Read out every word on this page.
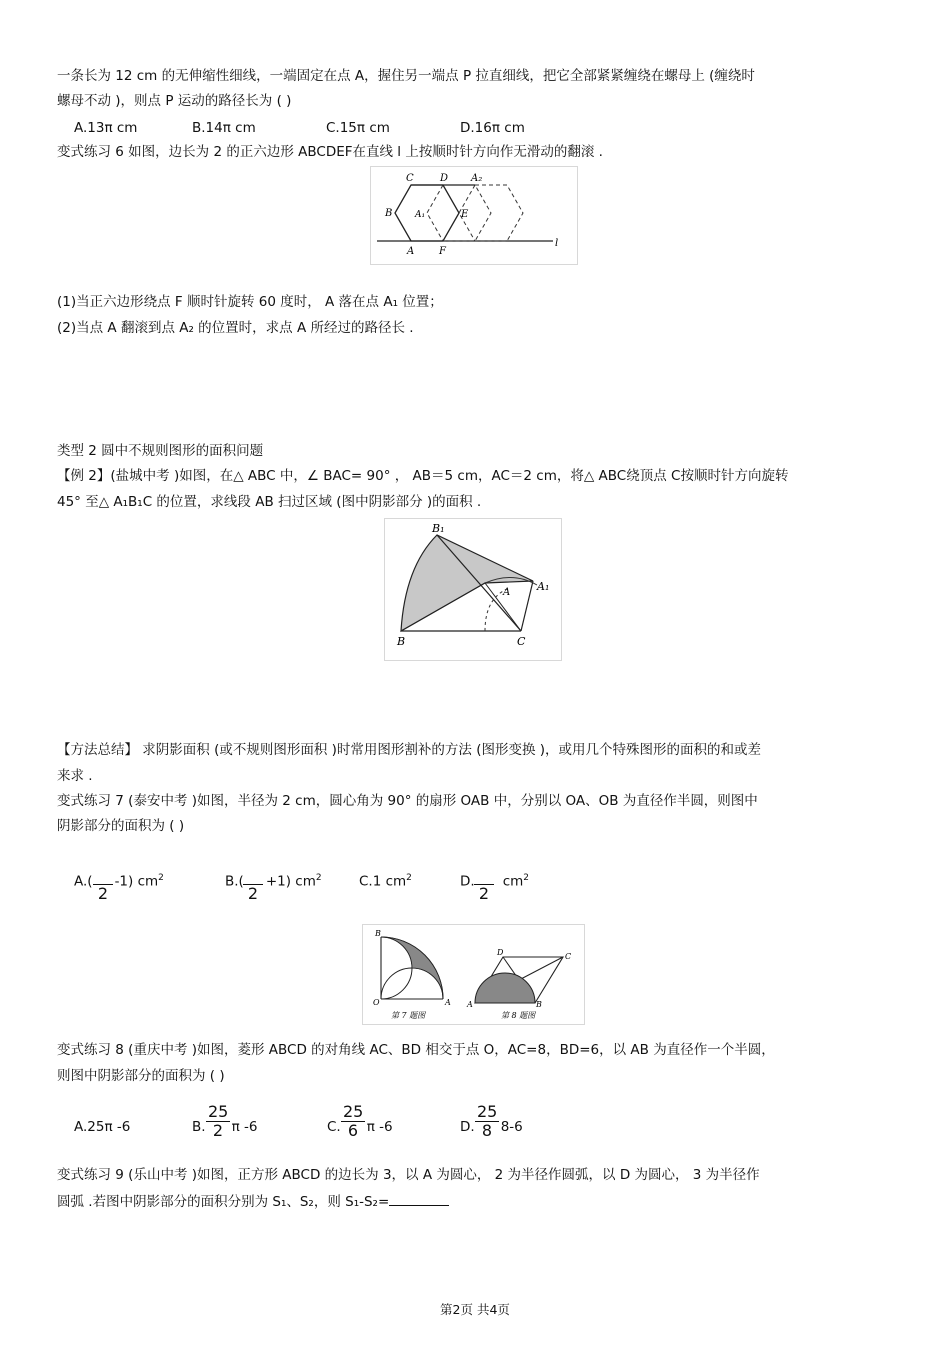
一条长为 12 cm 的无伸缩性细线，一端固定在点 A，握住另一端点 P 拉直细线，把它全部紧紧缠绕在螺母上 (缠绕时
螺母不动 )，则点 P 运动的路径长为 ( )
A.13π cm	B.14π cm	C.15π cm	D.16π cm
变式练习 6 如图，边长为 2 的正六边形 ABCDEF在直线 l 上按顺时针方向作无滑动的翻滚 .
C	D A₂
B	A₁	E
A F
l
(1)当正六边形绕点 F 顺时针旋转 60 度时， A 落在点 A₁ 位置；
(2)当点 A 翻滚到点 A₂ 的位置时，求点 A 所经过的路径长 .
类型 2 圆中不规则图形的面积问题
【例 2】(盐城中考 )如图，在△ ABC 中，∠ BAC= 90° ， AB＝5 cm，AC＝2 cm，将△ ABC绕顶点 C按顺时针方向旋转
45° 至△ A₁B₁C 的位置，求线段 AB 扫过区域 (图中阴影部分 )的面积 .
B₁
A₁
A
B	C
【方法总结】 求阴影面积 (或不规则图形面积 )时常用图形割补的方法 (图形变换 )，或用几个特殊图形的面积的和或差
来求 .
变式练习 7 (泰安中考 )如图，半径为 2 cm，圆心角为 90° 的扇形 OAB 中，分别以 OA、OB 为直径作半圆，则图中
阴影部分的面积为 ( )
A.( -1) $cm^2$
2
B.( +1) $cm^2$
2
C.1 $cm^2$	D. $cm^2$
2
B
O	A
第 7 题图
D	C
A	B
第 8 题图
变式练习 8 (重庆中考 )如图，菱形 ABCD 的对角线 AC、BD 相交于点 O，AC=8，BD=6，以 AB 为直径作一个半圆，
则图中阴影部分的面积为 ( )
A.25π -6	B. π -6
$\frac{25}{2}$	C. π -6
$\frac{25}{6}$	D. 8-6
$\frac{25}{8}$
变式练习 9 (乐山中考 )如图，正方形 ABCD 的边长为 3，以 A 为圆心， 2 为半径作圆弧，以 D 为圆心， 3 为半径作
圆弧 .若图中阴影部分的面积分别为 S₁、S₂，则 S₁-S₂=
第2页 共4页
